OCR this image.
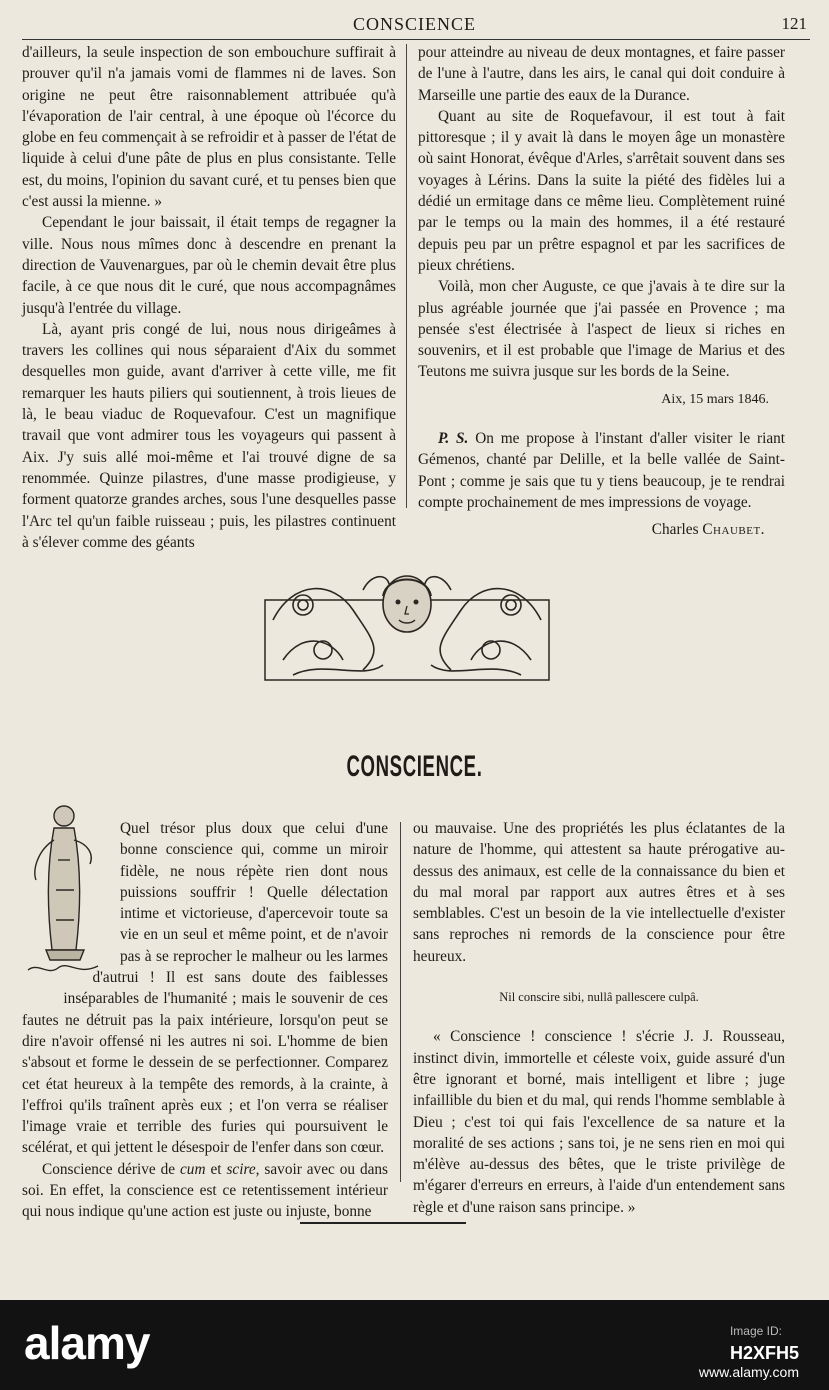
CONSCIENCE	121

d'ailleurs, la seule inspection de son embouchure suffirait à prouver qu'il n'a jamais vomi de flammes ni de laves. Son origine ne peut être raisonnablement attribuée qu'à l'évaporation de l'air central, à une époque où l'écorce du globe en feu commençait à se refroidir et à passer de l'état de liquide à celui d'une pâte de plus en plus consistante. Telle est, du moins, l'opinion du savant curé, et tu penses bien que c'est aussi la mienne. »

Cependant le jour baissait, il était temps de regagner la ville. Nous nous mîmes donc à descendre en prenant la direction de Vauvenargues, par où le chemin devait être plus facile, à ce que nous dit le curé, que nous accompagnâmes jusqu'à l'entrée du village.

Là, ayant pris congé de lui, nous nous dirigeâmes à travers les collines qui nous séparaient d'Aix du sommet desquelles mon guide, avant d'arriver à cette ville, me fit remarquer les hauts piliers qui soutiennent, à trois lieues de là, le beau viaduc de Roquevafour. C'est un magnifique travail que vont admirer tous les voyageurs qui passent à Aix. J'y suis allé moi-même et l'ai trouvé digne de sa renommée. Quinze pilastres, d'une masse prodigieuse, y forment quatorze grandes arches, sous l'une desquelles passe l'Arc tel qu'un faible ruisseau ; puis, les pilastres continuent à s'élever comme des géants

pour atteindre au niveau de deux montagnes, et faire passer de l'une à l'autre, dans les airs, le canal qui doit conduire à Marseille une partie des eaux de la Durance.

Quant au site de Roquefavour, il est tout à fait pittoresque ; il y avait là dans le moyen âge un monastère où saint Honorat, évêque d'Arles, s'arrêtait souvent dans ses voyages à Lérins. Dans la suite la piété des fidèles lui a dédié un ermitage dans ce même lieu. Complètement ruiné par le temps ou la main des hommes, il a été restauré depuis peu par un prêtre espagnol et par les sacrifices de pieux chrétiens.

Voilà, mon cher Auguste, ce que j'avais à te dire sur la plus agréable journée que j'ai passée en Provence ; ma pensée s'est électrisée à l'aspect de lieux si riches en souvenirs, et il est probable que l'image de Marius et des Teutons me suivra jusque sur les bords de la Seine.

Aix, 15 mars 1846.

P. S. On me propose à l'instant d'aller visiter le riant Gémenos, chanté par Delille, et la belle vallée de Saint-Pont ; comme je sais que tu y tiens beaucoup, je te rendrai compte prochainement de mes impressions de voyage.

Charles Chaubet.

CONSCIENCE.

Quel trésor plus doux que celui d'une bonne conscience qui, comme un miroir fidèle, ne nous répète rien dont nous puissions souffrir ! Quelle délectation intime et victorieuse, d'apercevoir toute sa vie en un seul et même point, et de n'avoir pas à se reprocher le malheur ou les larmes d'autrui ! Il est sans doute des faiblesses inséparables de l'humanité ; mais le souvenir de ces fautes ne détruit pas la paix intérieure, lorsqu'on peut se dire n'avoir offensé ni les autres ni soi. L'homme de bien s'absout et forme le dessein de se perfectionner. Comparez cet état heureux à la tempête des remords, à la crainte, à l'effroi qu'ils traînent après eux ; et l'on verra se réaliser l'image vraie et terrible des furies qui poursuivent le scélérat, et qui jettent le désespoir de l'enfer dans son cœur.

Conscience dérive de cum et scire, savoir avec ou dans soi. En effet, la conscience est ce retentissement intérieur qui nous indique qu'une action est juste ou injuste, bonne

ou mauvaise. Une des propriétés les plus éclatantes de la nature de l'homme, qui attestent sa haute prérogative au-dessus des animaux, est celle de la connaissance du bien et du mal moral par rapport aux autres êtres et à ses semblables. C'est un besoin de la vie intellectuelle d'exister sans reproches ni remords de la conscience pour être heureux.

Nil conscire sibi, nullâ pallescere culpâ.

« Conscience ! conscience ! s'écrie J. J. Rousseau, instinct divin, immortelle et céleste voix, guide assuré d'un être ignorant et borné, mais intelligent et libre ; juge infaillible du bien et du mal, qui rends l'homme semblable à Dieu ; c'est toi qui fais l'excellence de sa nature et la moralité de ses actions ; sans toi, je ne sens rien en moi qui m'élève au-dessus des bêtes, que le triste privilège de m'égarer d'erreurs en erreurs, à l'aide d'un entendement sans règle et d'une raison sans principe. »

alamy	Image ID:
H2XFH5
www.alamy.com
